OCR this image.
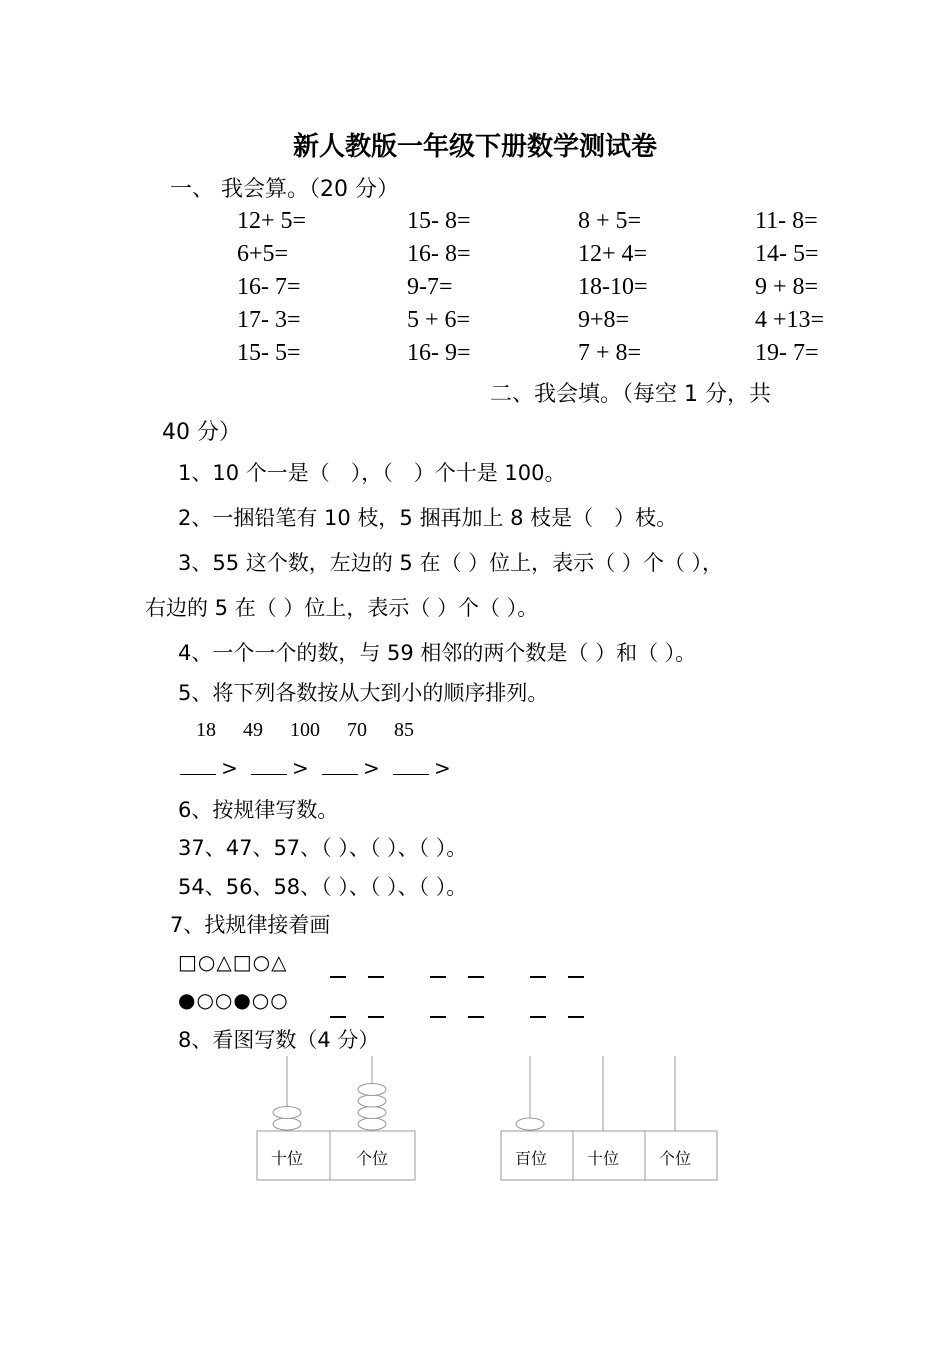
新人教版一年级下册数学测试卷
一、 我会算。（20 分）
12+ 5=	15- 8=	8 + 5=	11- 8=
6+5=	16- 8=	12+ 4=	14- 5=
16- 7=	9-7=	18-10=	9 + 8=
17- 3=	5 + 6=	9+8=	4 +13=
15- 5=	16- 9=	7 + 8=	19- 7=
二、我会填。（每空 1 分，共
40 分）
1、10 个一是（　），（　）个十是 100。
2、一捆铅笔有 10 枝，5 捆再加上 8 枝是（　）枝。
3、55 这个数，左边的 5 在（ ）位上，表示（ ）个（ ），
右边的 5 在（ ）位上，表示（ ）个（ ）。
4、一个一个的数，与 59 相邻的两个数是（ ）和（ ）。
5、将下列各数按从大到小的顺序排列。
18 49 100 70 85
>	>	>	>
6、按规律写数。
37、47、57、（ ）、（ ）、（ ）。
54、56、58、（ ）、（ ）、（ ）。
7、找规律接着画
□○△□○△
●○○●○○
8、看图写数（4 分）
十位	个位	百位 十位 个位
